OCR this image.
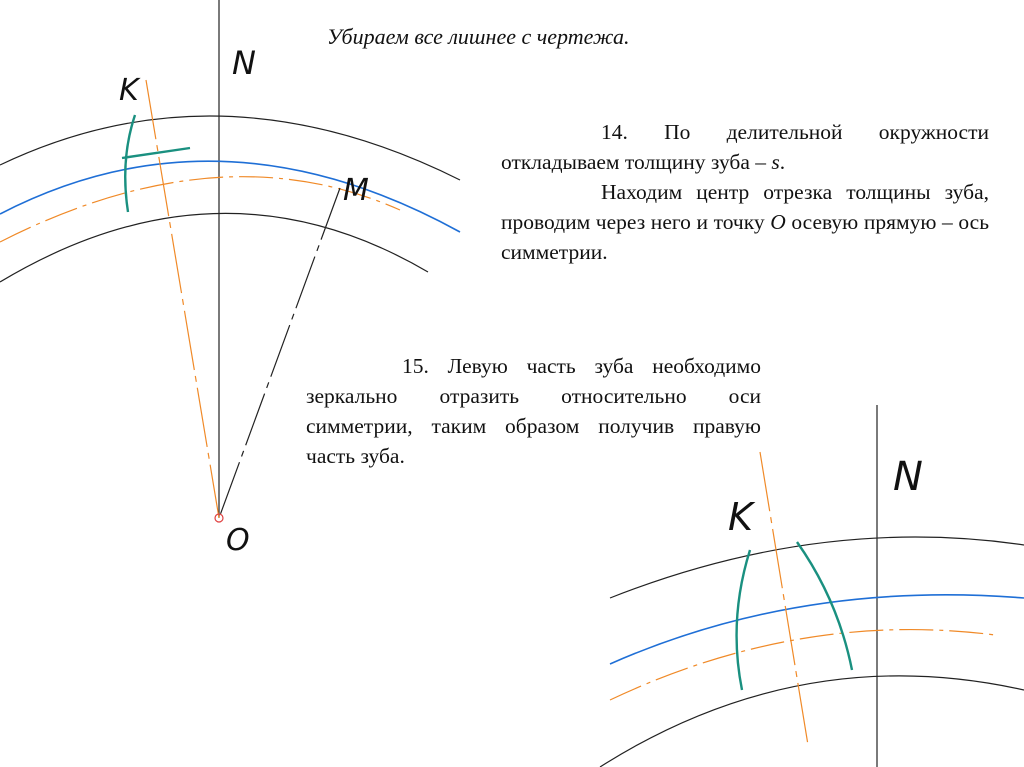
K
N
M
O
K
N
Убираем все лишнее с чертежа.
14. По делительной окружности откладываем толщину зуба – s.
Находим центр отрезка толщины зуба, проводим через него и точку O осевую прямую – ось симметрии.
15. Левую часть зуба необходимо зеркально отразить относительно оси симметрии, таким образом получив правую часть зуба.
